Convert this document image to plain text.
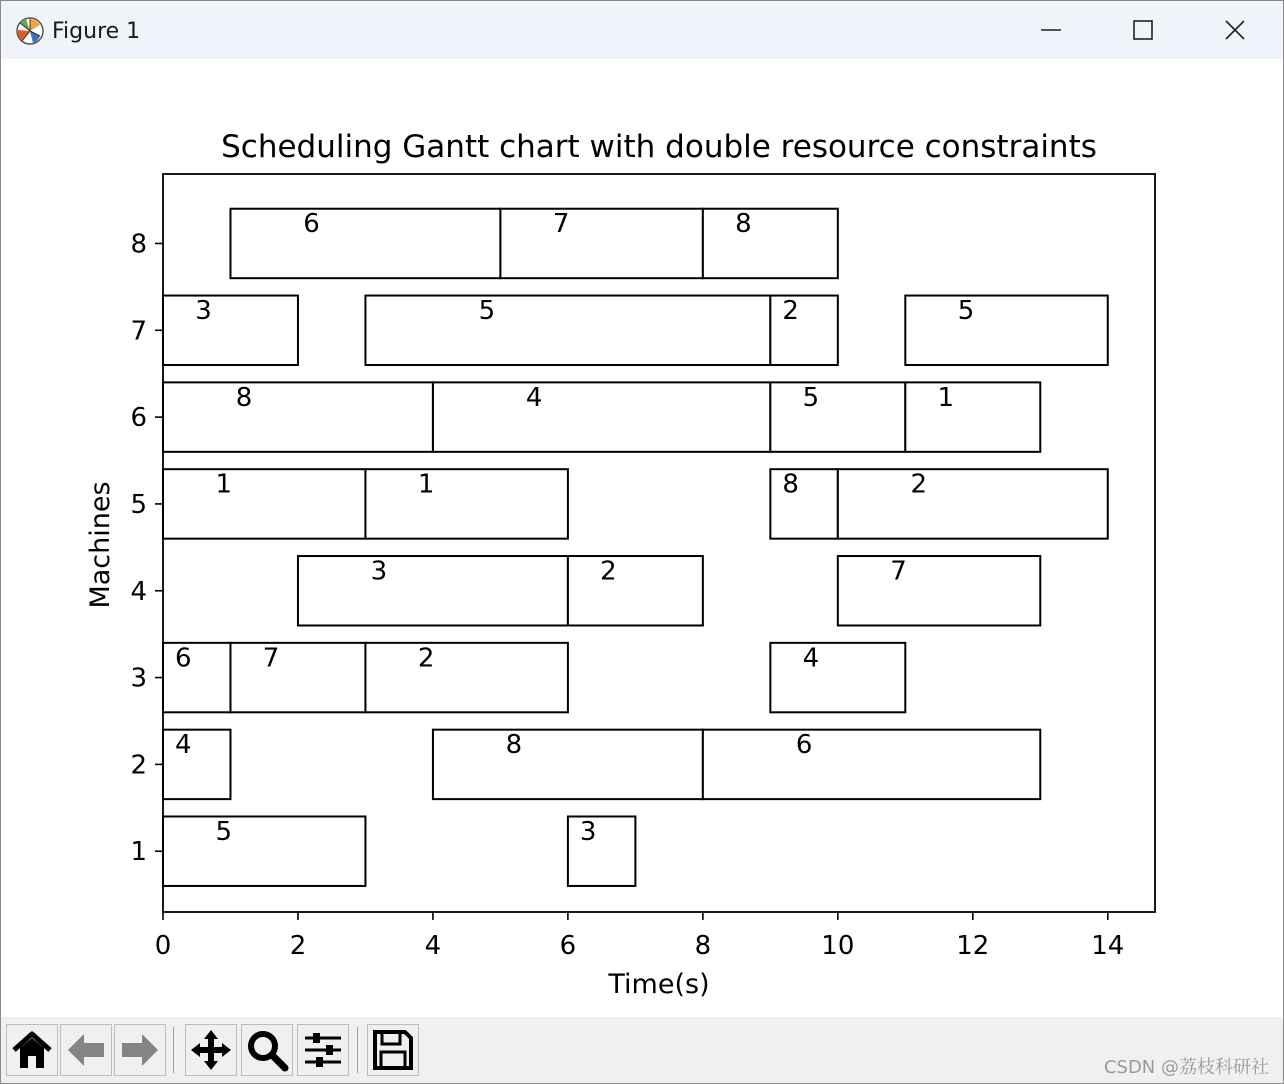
Figure 1
Scheduling Gantt chart with double resource constraints
6	7	8
3	5	2	5
8	4	5	1
1	1	8	2
3	2	7
6	7	2	4
4	8	6
5	3
0	2	4	6	8	10	12	14
1
2
3
4
5
6
7
8
Time(s)
Machines
CSDN @荔枝科研社
